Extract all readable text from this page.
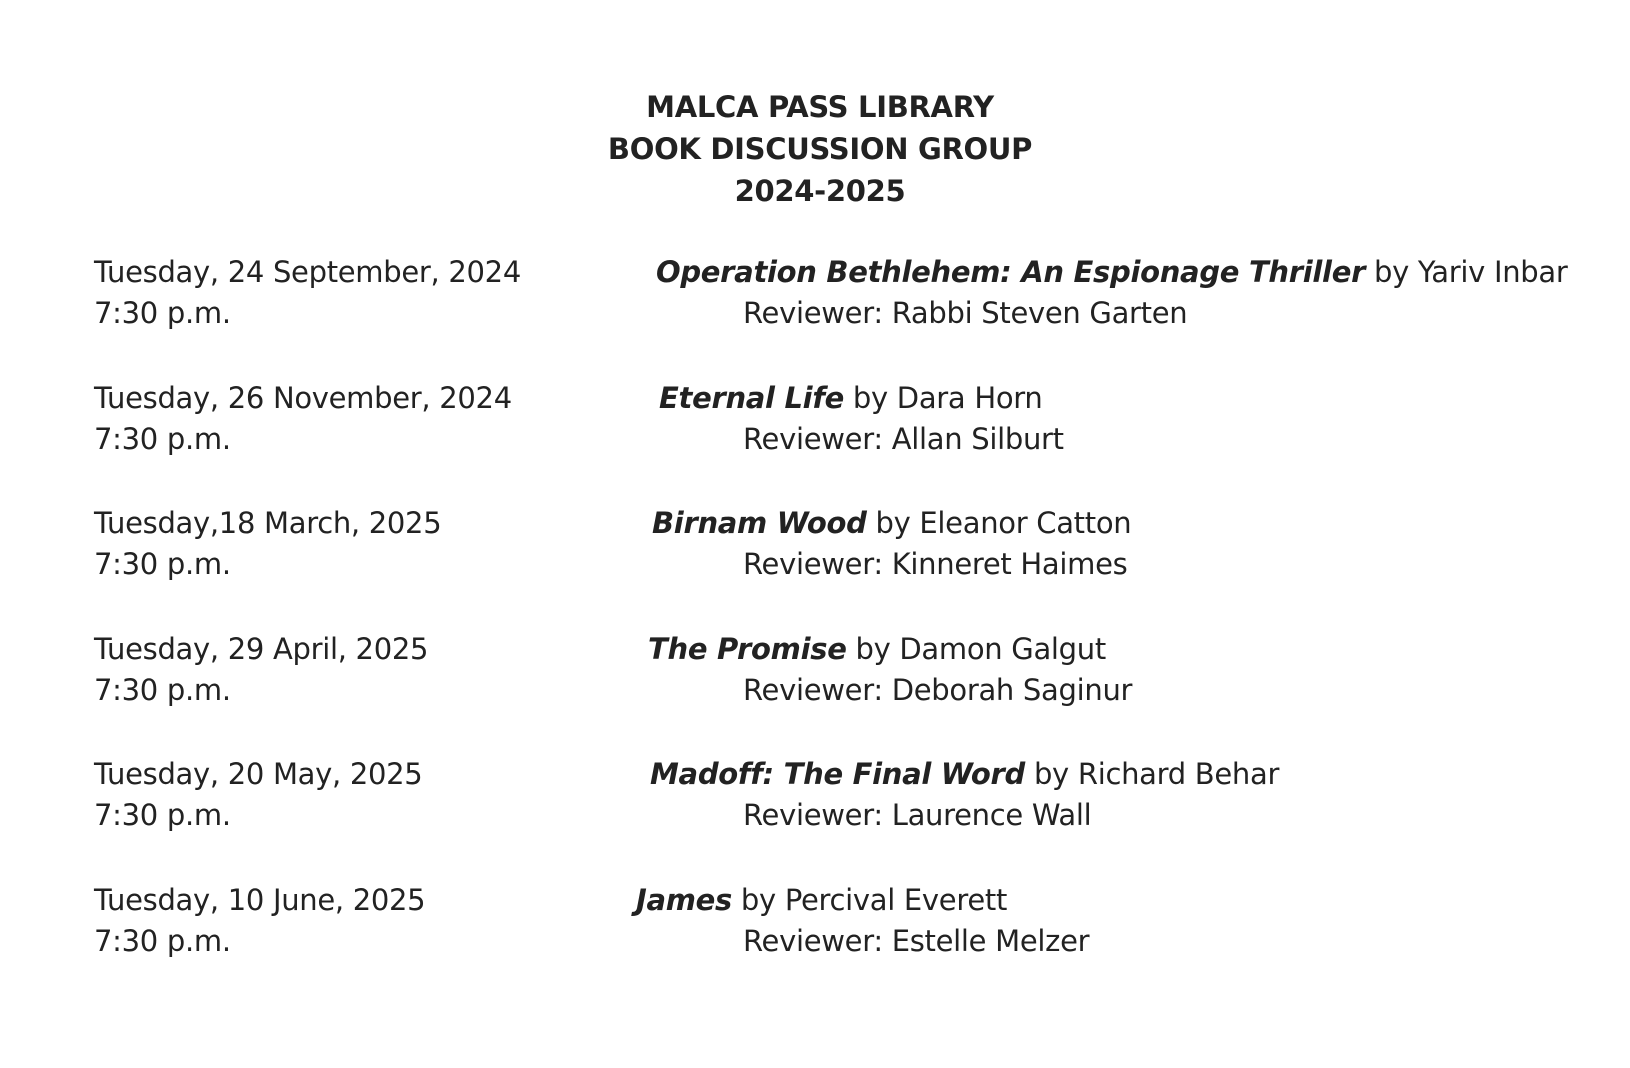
MALCA PASS LIBRARY
BOOK DISCUSSION GROUP
2024-2025
Tuesday, 24 September, 2024
7:30 p.m.
Operation Bethlehem: An Espionage Thriller by Yariv Inbar
Reviewer: Rabbi Steven Garten
Tuesday, 26 November, 2024
7:30 p.m.
Eternal Life by Dara Horn
Reviewer: Allan Silburt
Tuesday,18 March, 2025
7:30 p.m.
Birnam Wood by Eleanor Catton
Reviewer: Kinneret Haimes
Tuesday, 29 April, 2025
7:30 p.m.
The Promise by Damon Galgut
Reviewer: Deborah Saginur
Tuesday, 20 May, 2025
7:30 p.m.
Madoff: The Final Word by Richard Behar
Reviewer: Laurence Wall
Tuesday, 10 June, 2025
7:30 p.m.
James by Percival Everett
Reviewer: Estelle Melzer
